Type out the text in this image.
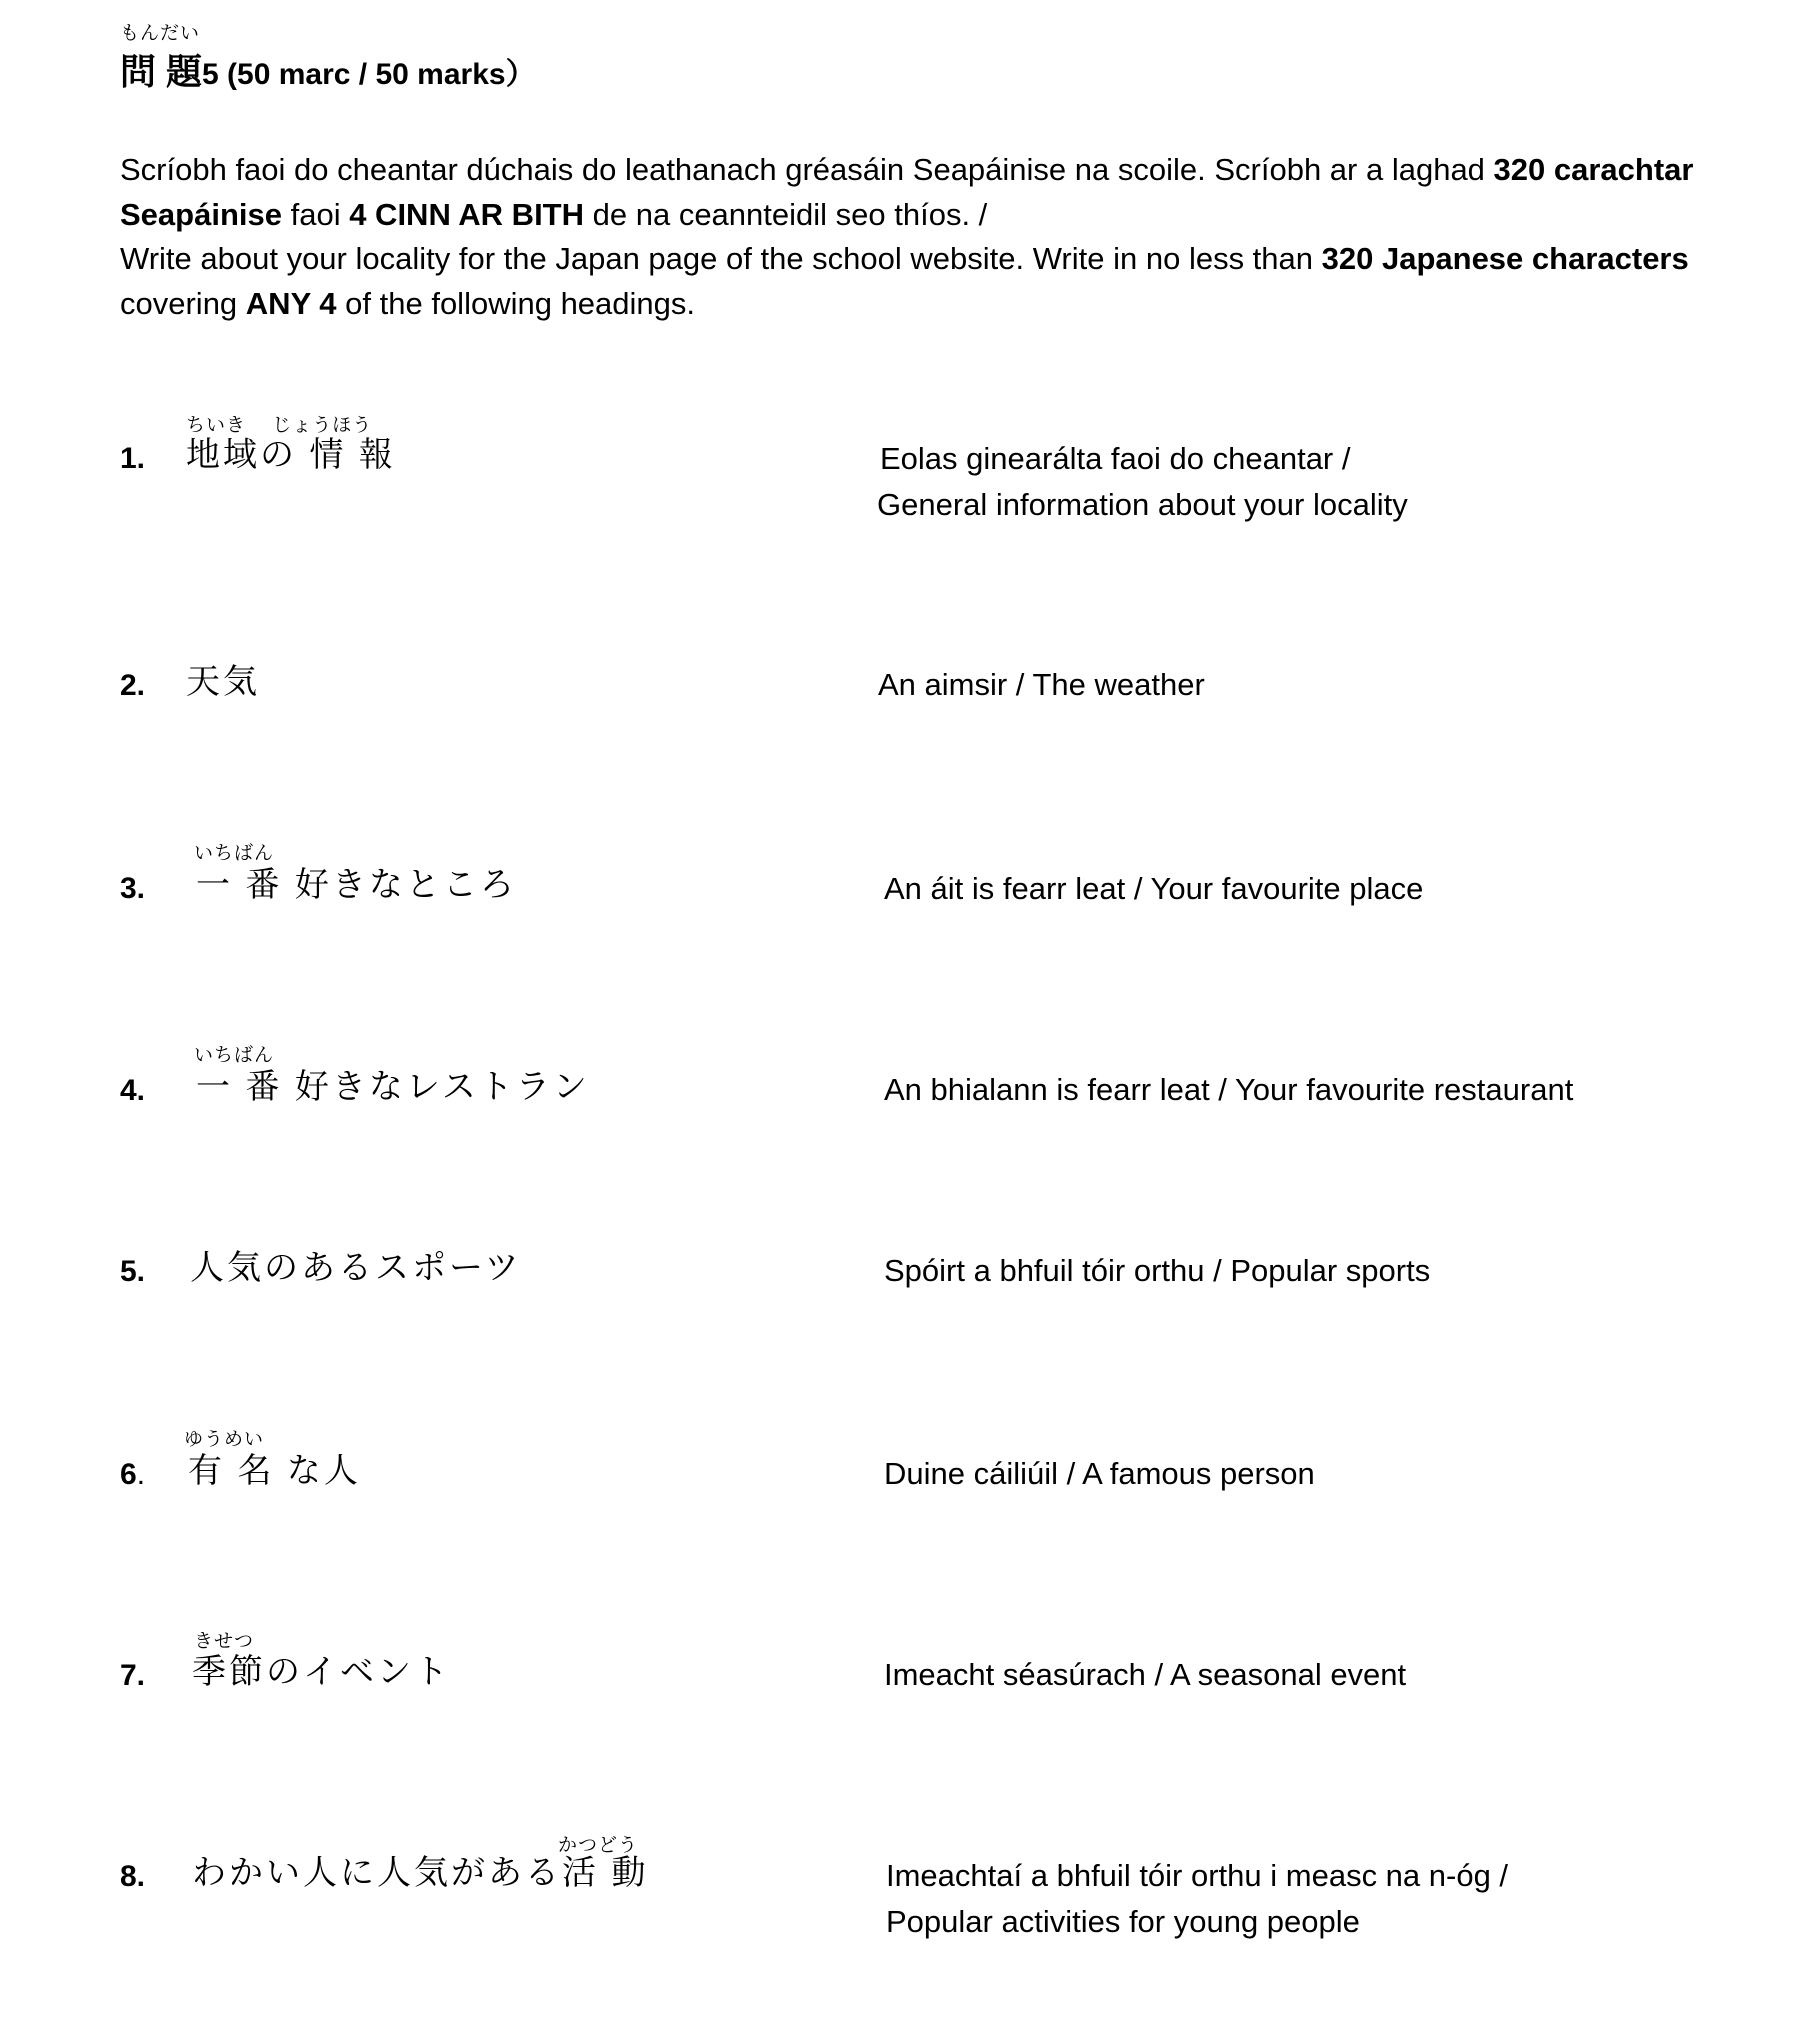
もんだい
問 題5 (50 marc / 50 marks）
Scríobh faoi do cheantar dúchais do leathanach gréasáin Seapáinise na scoile. Scríobh ar a laghad 320 carachtar Seapáinise faoi 4 CINN AR BITH de na ceannteidil seo thíos. /
Write about your locality for the Japan page of the school website. Write in no less than 320 Japanese characters covering ANY 4 of the following headings.
ちいき　 じょうほう
1. 地域の 情 報	Eolas ginearálta faoi do cheantar /
General information about your locality
2. 天気	An aimsir / The weather
いちばん
3. 一 番 好きなところ	An áit is fearr leat / Your favourite place
いちばん
4. 一 番 好きなレストラン	An bhialann is fearr leat / Your favourite restaurant
5. 人気のあるスポーツ	Spóirt a bhfuil tóir orthu / Popular sports
ゆうめい
6. 有 名 な人	Duine cáiliúil / A famous person
きせつ
7. 季節のイベント	Imeacht séasúrach / A seasonal event
かつどう
8. わかい人に人気がある活 動	Imeachtaí a bhfuil tóir orthu i measc na n-óg /
Popular activities for young people
